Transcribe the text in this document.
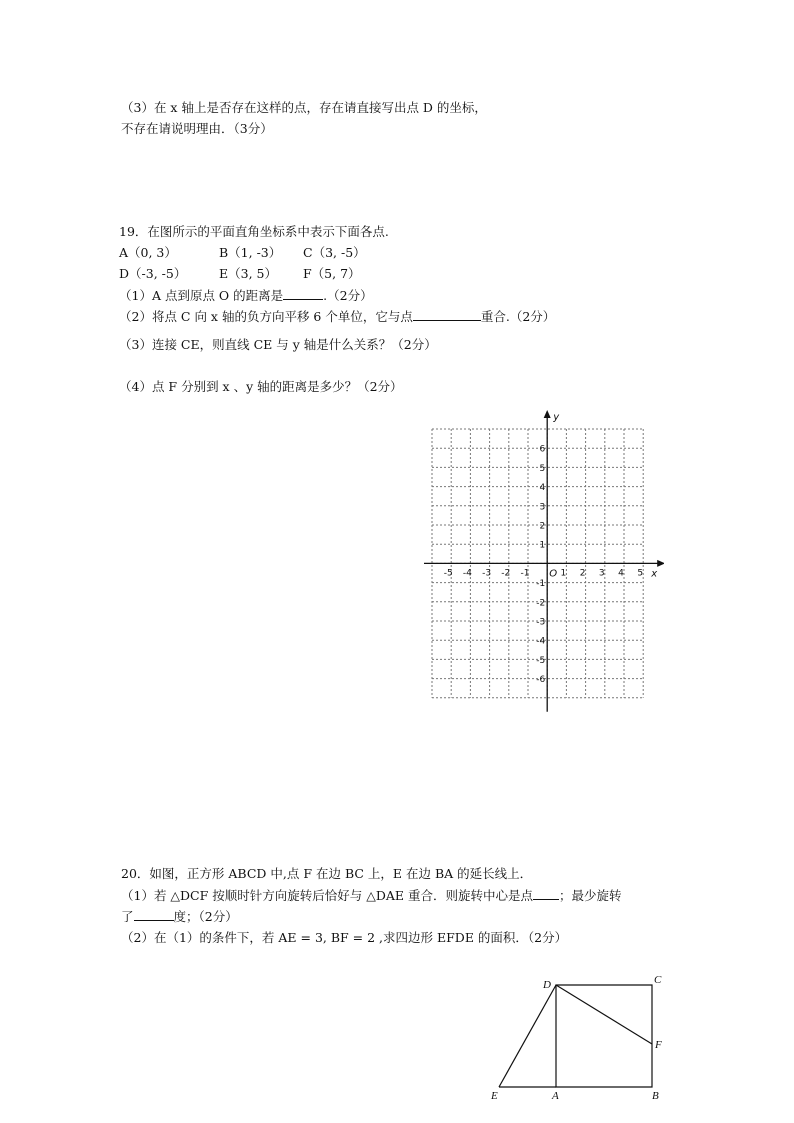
（3）在 x 轴上是否存在这样的点，存在请直接写出点 D 的坐标，
不存在请说明理由．（3分）
19．在图所示的平面直角坐标系中表示下面各点.
A（0, 3）	B（1, -3） C（3, -5）
D（-3, -5）	E（3, 5） F（5, 7）
（1）A 点到原点 O 的距离是	.（2分）
（2）将点 C 向 x 轴的负方向平移 6 个单位，它与点	重合.（2分）
（3）连接 CE，则直线 CE 与 y 轴是什么关系？（2分）
（4）点 F 分别到 x 、y 轴的距离是多少？（2分）
x
y
O
-5 -4 -3 -2 -1	1 2 3 4 5
6
5
4
3
2
1
-1
-2
-3
-4
-5
-6
20．如图，正方形 ABCD 中,点 F 在边 BC 上，E 在边 BA 的延长线上．
（1）若 △DCF 按顺时针方向旋转后恰好与 △DAE 重合．则旋转中心是点 ；最少旋转
了	度；（2分）
（2）在（1）的条件下，若 AE = 3, BF = 2 ,求四边形 EFDE 的面积．（2分）
D	C
F
E	A	B
